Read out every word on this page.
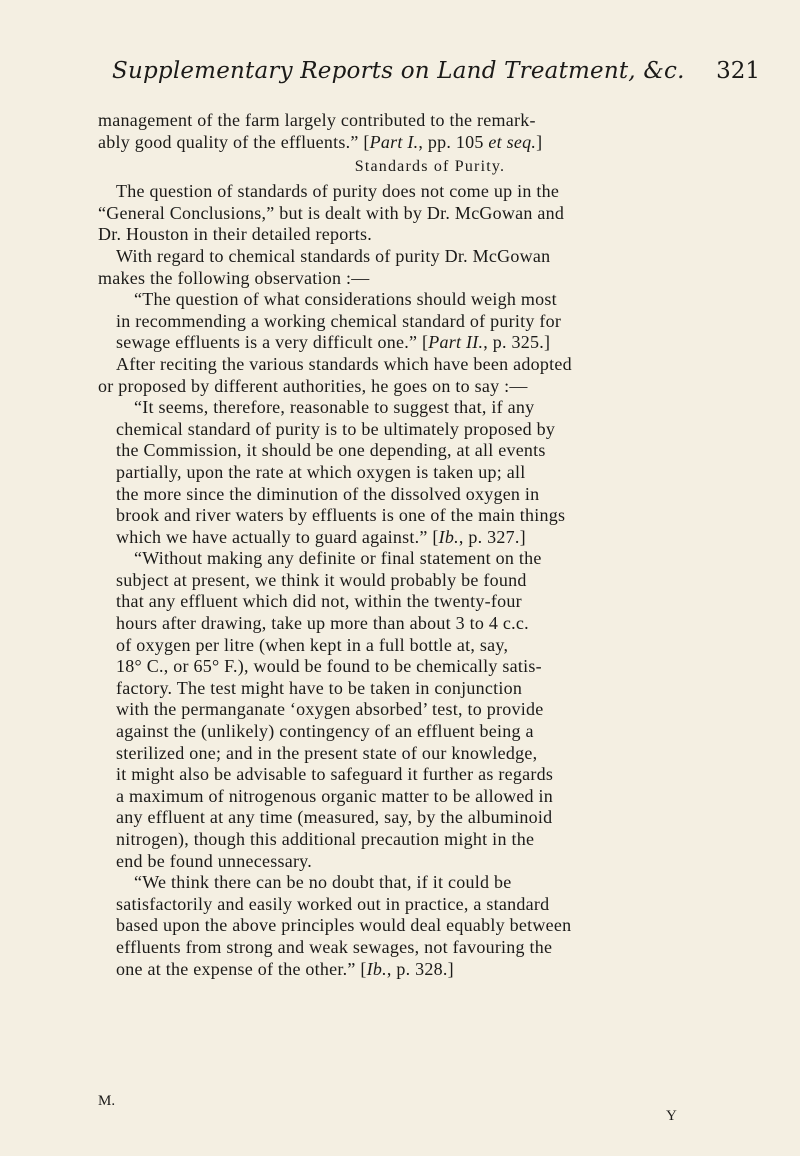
Supplementary Reports on Land Treatment, &c. 321
management of the farm largely contributed to the remark-
ably good quality of the effluents.” [Part I., pp. 105 et seq.]
Standards of Purity.
The question of standards of purity does not come up in the
“General Conclusions,” but is dealt with by Dr. McGowan and
Dr. Houston in their detailed reports.
With regard to chemical standards of purity Dr. McGowan
makes the following observation :—
“The question of what considerations should weigh most
in recommending a working chemical standard of purity for
sewage effluents is a very difficult one.” [Part II., p. 325.]
After reciting the various standards which have been adopted
or proposed by different authorities, he goes on to say :—
“It seems, therefore, reasonable to suggest that, if any
chemical standard of purity is to be ultimately proposed by
the Commission, it should be one depending, at all events
partially, upon the rate at which oxygen is taken up; all
the more since the diminution of the dissolved oxygen in
brook and river waters by effluents is one of the main things
which we have actually to guard against.” [Ib., p. 327.]
“Without making any definite or final statement on the
subject at present, we think it would probably be found
that any effluent which did not, within the twenty-four
hours after drawing, take up more than about 3 to 4 c.c.
of oxygen per litre (when kept in a full bottle at, say,
18° C., or 65° F.), would be found to be chemically satis-
factory. The test might have to be taken in conjunction
with the permanganate ‘oxygen absorbed’ test, to provide
against the (unlikely) contingency of an effluent being a
sterilized one; and in the present state of our knowledge,
it might also be advisable to safeguard it further as regards
a maximum of nitrogenous organic matter to be allowed in
any effluent at any time (measured, say, by the albuminoid
nitrogen), though this additional precaution might in the
end be found unnecessary.
“We think there can be no doubt that, if it could be
satisfactorily and easily worked out in practice, a standard
based upon the above principles would deal equably between
effluents from strong and weak sewages, not favouring the
one at the expense of the other.” [Ib., p. 328.]
M.
Y
